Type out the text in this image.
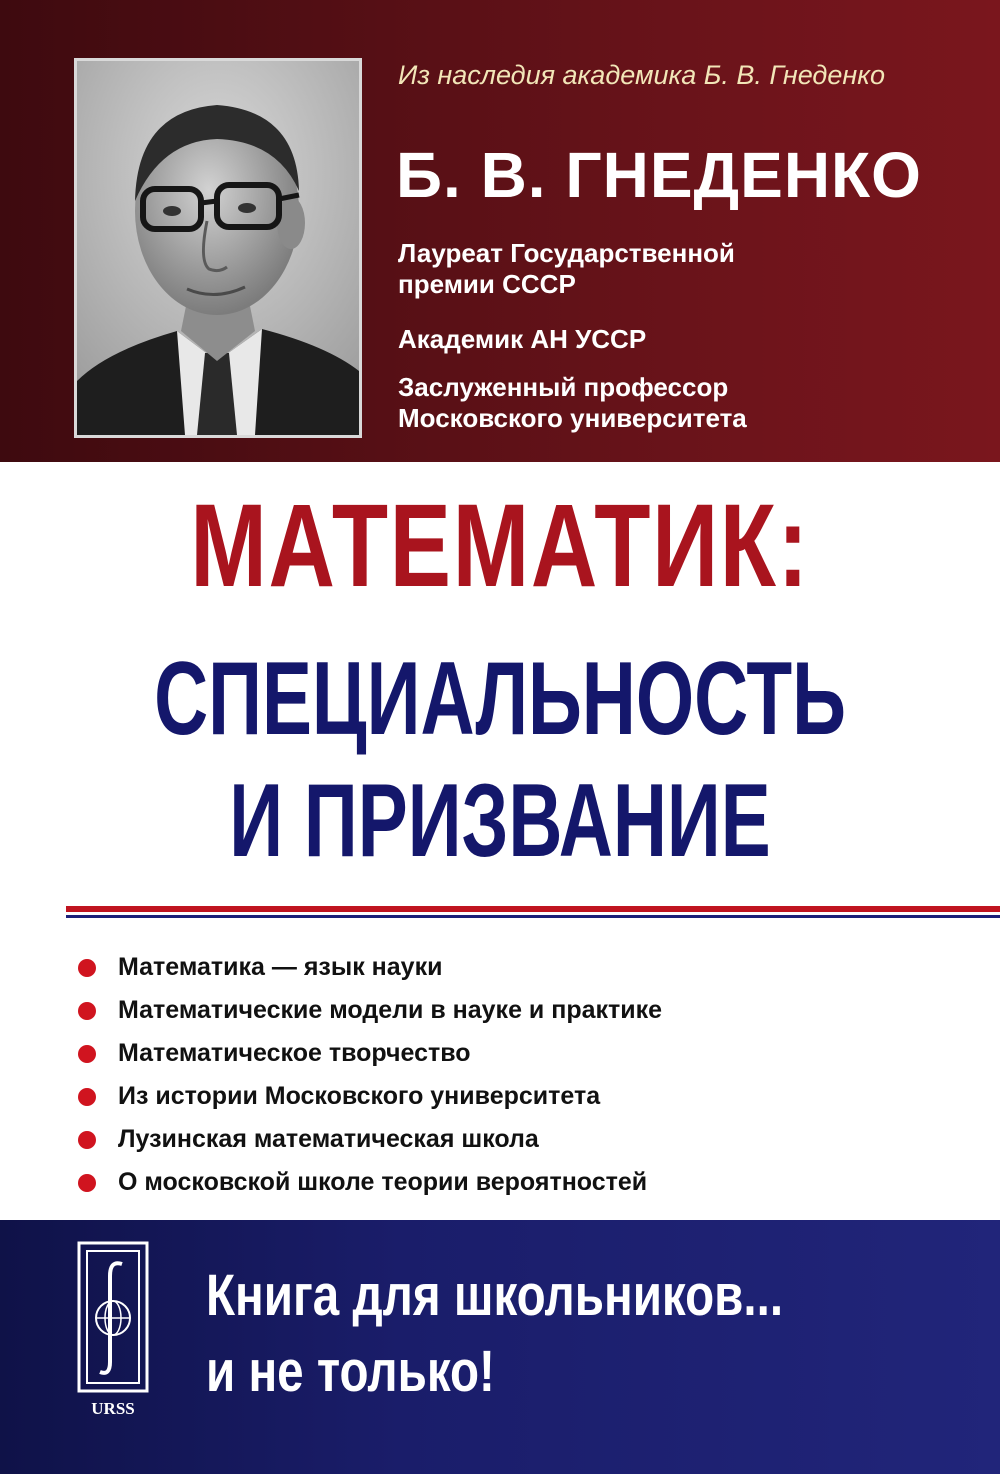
Из наследия академика Б. В. Гнеденко
Б. В. ГНЕДЕНКО
Лауреат Государственной
премии СССР
Академик АН УССР
Заслуженный профессор
Московского университета
МАТЕМАТИК:
СПЕЦИАЛЬНОСТЬ
И ПРИЗВАНИЕ
Математика — язык науки
Математические модели в науке и практике
Математическое творчество
Из истории Московского университета
Лузинская математическая школа
О московской школе теории вероятностей
URSS
Книга для школьников...
и не только!
